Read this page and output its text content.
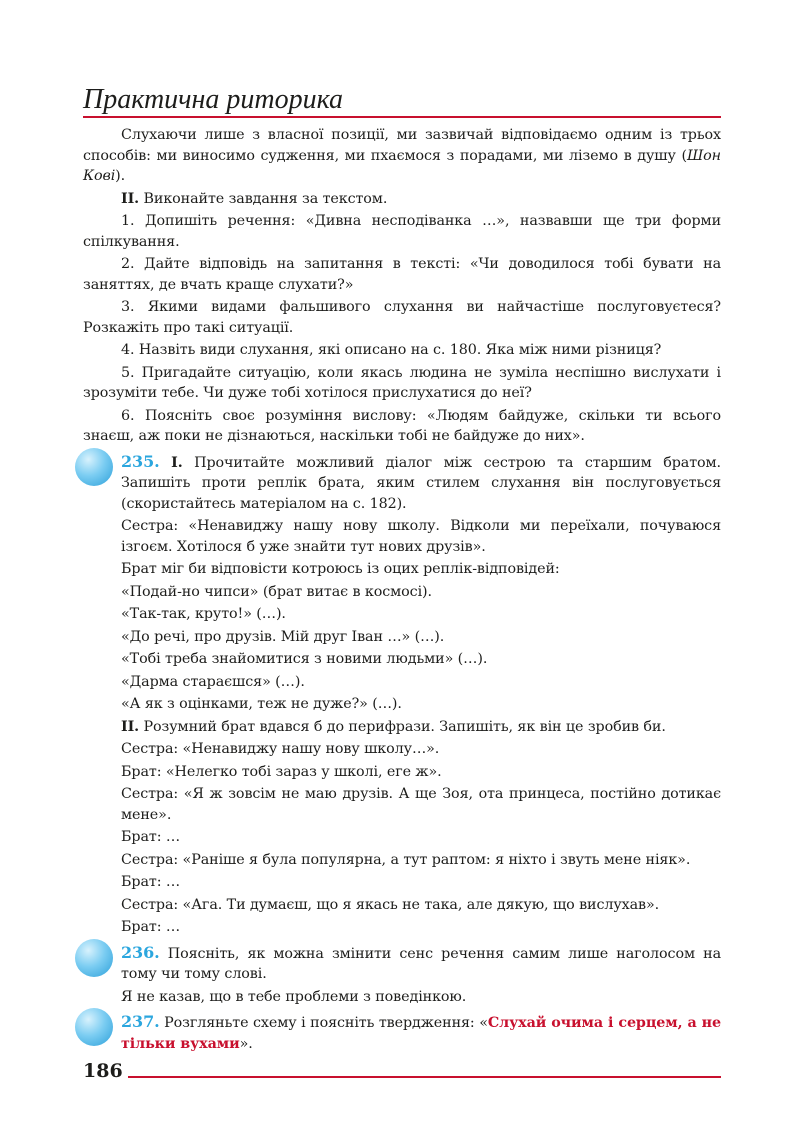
Практична риторика

Слухаючи лише з власної позиції, ми зазвичай відповідаємо одним із трьох способів: ми виносимо судження, ми пхаємося з порадами, ми ліземо в душу (Шон Кові).

ІІ. Виконайте завдання за текстом.

1. Допишіть речення: «Дивна несподіванка …», назвавши ще три форми спілкування.

2. Дайте відповідь на запитання в тексті: «Чи доводилося тобі бувати на заняттях, де вчать краще слухати?»

3. Якими видами фальшивого слухання ви найчастіше послуговуєтеся? Розкажіть про такі ситуації.

4. Назвіть види слухання, які описано на с. 180. Яка між ними різниця?

5. Пригадайте ситуацію, коли якась людина не зуміла неспішно вислухати і зрозуміти тебе. Чи дуже тобі хотілося прислухатися до неї?

6. Поясніть своє розуміння вислову: «Людям байдуже, скільки ти всього знаєш, аж поки не дізнаються, наскільки тобі не байдуже до них».

235. І. Прочитайте можливий діалог між сестрою та старшим братом. Запишіть проти реплік брата, яким стилем слухання він послуговується (скористайтесь матеріалом на с. 182).

Сестра: «Ненавиджу нашу нову школу. Відколи ми переїхали, почуваюся ізгоєм. Хотілося б уже знайти тут нових друзів».

Брат міг би відповісти котроюсь із оцих реплік-відповідей:

«Подай-но чипси» (брат витає в космосі).

«Так-так, круто!» (…).

«До речі, про друзів. Мій друг Іван …» (…).

«Тобі треба знайомитися з новими людьми» (…).

«Дарма стараєшся» (…).

«А як з оцінками, теж не дуже?» (…).

ІІ. Розумний брат вдався б до перифрази. Запишіть, як він це зробив би.

Сестра: «Ненавиджу нашу нову школу…».

Брат: «Нелегко тобі зараз у школі, еге ж».

Сестра: «Я ж зовсім не маю друзів. А ще Зоя, ота принцеса, постійно дотикає мене».

Брат: …

Сестра: «Раніше я була популярна, а тут раптом: я ніхто і звуть мене ніяк».

Брат: …

Сестра: «Ага. Ти думаєш, що я якась не така, але дякую, що вислухав».

Брат: …

236. Поясніть, як можна змінити сенс речення самим лише наголосом на тому чи тому слові.

Я не казав, що в тебе проблеми з поведінкою.

237. Розгляньте схему і поясніть твердження: «Слухай очима і серцем, а не тільки вухами».

186
